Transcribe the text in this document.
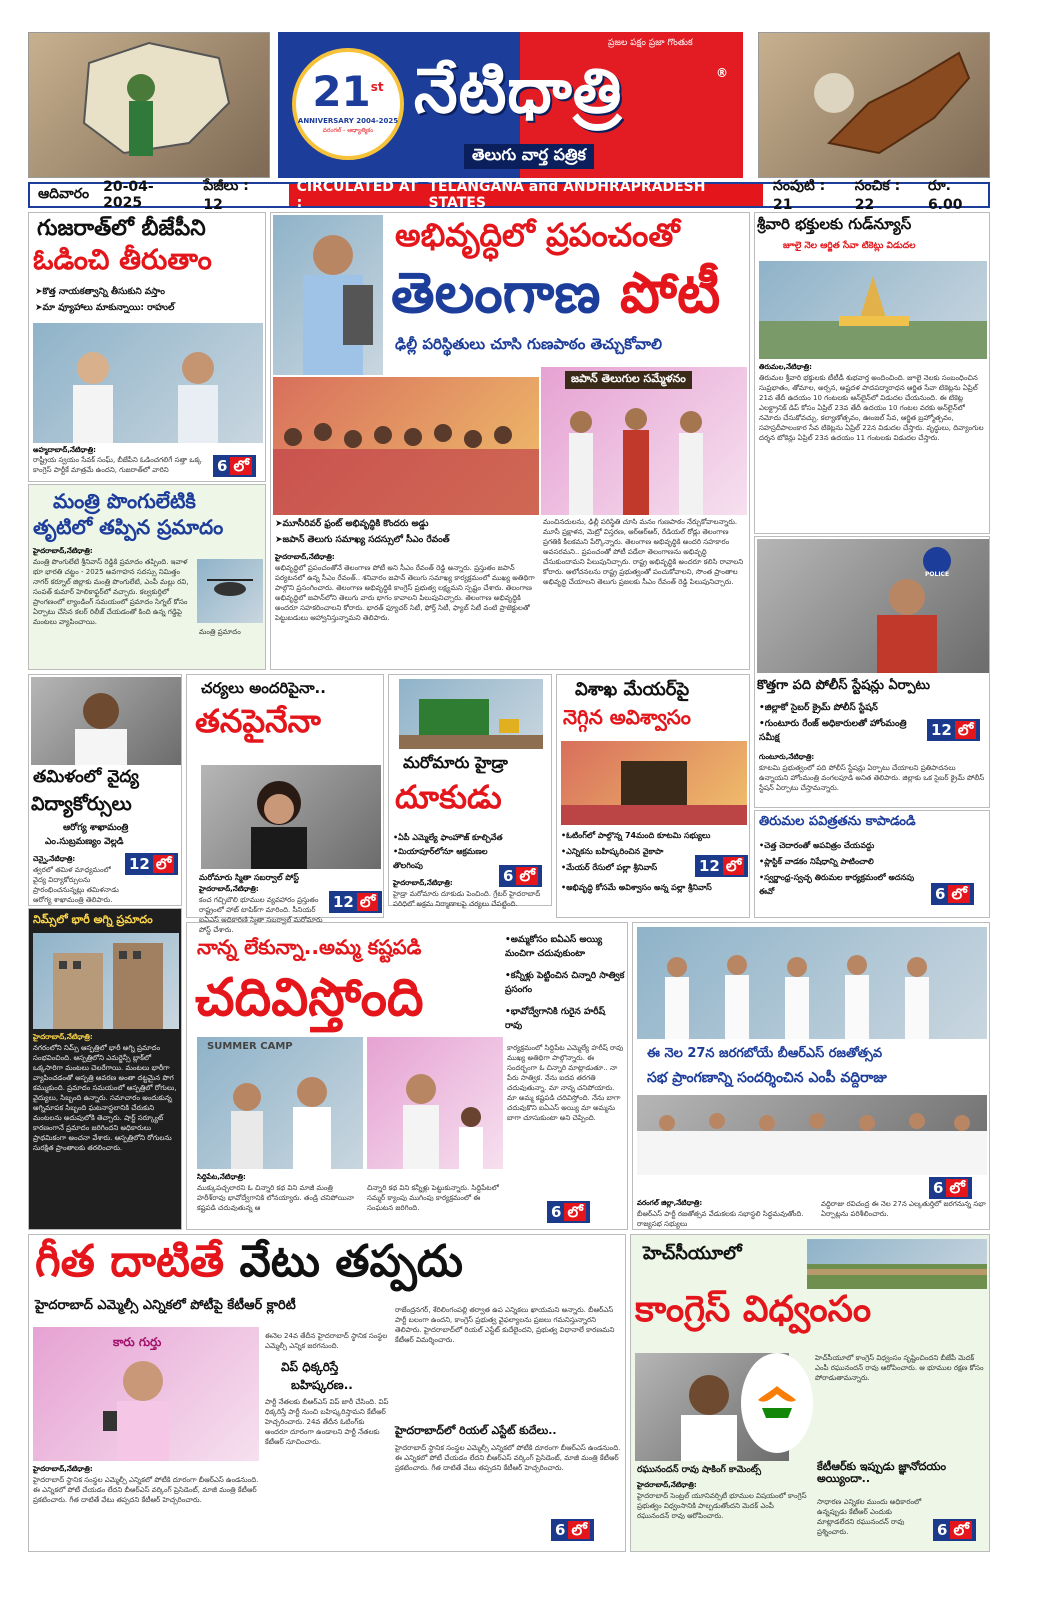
21st
ANNIVERSARY 2004-2025
వరంగల్ - ఆధ్యాత్మికం
ప్రజల పక్షం ప్రజా గొంతుక
నేటిధాత్రి	®
తెలుగు వార్త పత్రిక
ఆదివారం 20-04-2025
పేజీలు : 12
CIRCULATED AT :

TELANGANA and ANDHRAPRADESH STATES
సంపుటి : 21
సంచిక : 22
రూ. 6.00
గుజరాత్‌లో బీజేపీని
ఓడించి తీరుతాం
➤కొత్త నాయకత్వాన్ని తీసుకుని వస్తాం
➤మా వ్యూహాలు మాకున్నాయి: రాహుల్
అహ్మదాబాద్,నేటిధాత్రి:
రాష్ట్రీయ స్వయం సేవక్ సంఘ్, బీజేపీని ఓడించగలిగే సత్తా ఒక్క కాంగ్రెస్ పార్టీకే మాత్రమే ఉందని, గుజరాత్‌లో వారిని	6 లో
మంత్రి పొంగులేటికి
తృటిలో తప్పిన ప్రమాదం
హైదరాబాద్,నేటిధాత్రి:
మంత్రి పొంగులేటి శ్రీనివాస్ రెడ్డికి ప్రమాదం తప్పింది. ఇవాళ భూ భారతి చట్టం - 2025 అవగాహన సదస్సు నిమిత్తం నాగర్ కర్నూల్ జిల్లాకు మంత్రి పొంగులేటి, ఎంపీ మల్లు రవి, సంపత్ కుమార్ హెలికాఫ్టర్‌లో వచ్చారు. కల్వకుర్తిలో ప్రాంగణంలో ల్యాండింగ్ సమయంలో ప్రమాదం సిగ్నల్ కోసం ఏర్పాటు చేసిన కలర్ రిలీజ్ చేయడంతో కింది ఉన్న గడ్డిపై మంటలు వ్యాపించాయి.
మంత్రి ప్రమాదం
అభివృద్ధిలో ప్రపంచంతో
తెలంగాణ పోటీ
ఢిల్లీ పరిస్థితులు చూసి గుణపాఠం తెచ్చుకోవాలి
జపాన్ తెలుగుల సమ్మేళనం
➤మూసీరివర్ ఫ్రంట్ అభివృద్ధికి కొందరు అడ్డు
➤జపాన్ తెలుగు సమాఖ్య సదస్సులో సీఎం రేవంత్
హైదరాబాద్,నేటిధాత్రి:
అభివృద్ధిలో ప్రపంచంతోనే తెలంగాణ పోటీ అని సీఎం రేవంత్ రెడ్డి అన్నారు. ప్రస్తుతం జపాన్ పర్యటనలో ఉన్న సీఎం రేవంత్.. శనివారం జపాన్ తెలుగు సమాఖ్య కార్యక్రమంలో ముఖ్య అతిథిగా పాల్గొని ప్రసంగించారు. తెలంగాణ అభివృద్ధికి కాంగ్రెస్ ప్రభుత్వ లక్ష్యమని స్పష్టం చేశారు. తెలంగాణ అభివృద్ధిలో జపాన్‌లోని తెలుగు వారు భాగం కావాలని పిలుపునిచ్చారు. తెలంగాణ అభివృద్ధికి అందరూ సహకరించాలని కోరారు. భారత్ ఫ్యూచర్ సిటీ, ఫోర్త్ సిటీ, ఫ్యాబ్ సిటీ వంటి ప్రాజెక్టులతో పెట్టుబడులు ఆహ్వానిస్తున్నామని తెలిపారు.
మంచినదులను, ఢిల్లీ పరిస్థితి చూసి మనం గుణపాఠం నేర్చుకోవాలన్నారు. మూసీ ప్రక్షాళన, మెట్రో విస్తరణ, ఆర్ఆర్ఆర్, రేడియల్ రోడ్లు తెలంగాణ ప్రగతికి కీలకమని పేర్కొన్నారు. తెలంగాణ అభివృద్ధికి అందరి సహకారం అవసరమని.. ప్రపంచంతో పోటీ పడేలా తెలంగాణను అభివృద్ధి చేసుకుందామని పిలుపునిచ్చారు. రాష్ట్ర అభివృద్ధికి అందరూ కలిసి రావాలని కోరారు. ఆలోచనలను రాష్ట్ర ప్రభుత్వంతో పంచుకోవాలని, సొంత ప్రాంతాల అభివృద్ధి చేయాలని తెలుగు ప్రజలకు సీఎం రేవంత్ రెడ్డి పిలుపునిచ్చారు.
శ్రీవారి భక్తులకు గుడ్‌న్యూస్
జూలై నెల ఆర్జిత సేవా టికెట్లు విడుదల
తిరుమల,నేటిధాత్రి:
తిరుమల శ్రీవారి భక్తులకు టీటీడీ శుభవార్త అందించింది. జూలై నెలకు సంబంధించిన సుప్రభాతం, తోమాల, అర్చన, అష్టదళ పాదపద్మారాధన ఆర్జిత సేవా టికెట్లను ఏప్రిల్ 21వ తేదీ ఉదయం 10 గంటలకు ఆన్‌లైన్‌లో విడుదల చేయనుంది. ఈ టికెట్ల ఎలక్ట్రానిక్ డిప్ కోసం ఏప్రిల్ 23వ తేదీ ఉదయం 10 గంటల వరకు ఆన్‌లైన్‌లో నమోదు చేసుకోవచ్చు. కల్యాణోత్సవం, ఊంజల్ సేవ, ఆర్జిత బ్రహ్మోత్సవం, సహస్రదీపాలంకార సేవ టికెట్లను ఏప్రిల్ 22న విడుదల చేస్తారు. వృద్ధులు, దివ్యాంగుల దర్శన టోకెన్లు ఏప్రిల్ 23న ఉదయం 11 గంటలకు విడుదల చేస్తారు.
POLICE
కొత్తగా పది పోలీస్ స్టేషన్లు ఏర్పాటు
•జిల్లాకో సైబర్ క్రైమ్ పోలీస్ స్టేషన్
•గుంటూరు రేంజ్ అధికారులతో హోంమంత్రి సమీక్ష	12 లో
గుంటూరు,నేటిధాత్రి:
కూటమి ప్రభుత్వంలో పది పోలీస్ స్టేషన్లు ఏర్పాటు చేయాలని ప్రతిపాదనలు ఉన్నాయని హోంమంత్రి వంగలపూడి అనిత తెలిపారు. జిల్లాకు ఒక సైబర్ క్రైమ్ పోలీస్ స్టేషన్ ఏర్పాటు చేస్తామన్నారు.
తమిళంలో వైద్య
విద్యాకోర్సులు
ఆరోగ్య శాఖామంత్రి
ఎం.సుబ్రమణ్యం వెల్లడి
12 లో
చెన్నై,నేటిధాత్రి:
త్వరలో తమిళ మాధ్యమంలో వైద్య విద్యాకోర్సులను ప్రారంభించనున్నట్లు తమిళనాడు ఆరోగ్య శాఖామంత్రి తెలిపారు.
చర్యలు అందరిపైనా..
తనపైనేనా
మరోమారు స్మితా సబర్వాల్ పోస్ట్
హైదరాబాద్,నేటిధాత్రి:
కంచ గచ్చిబౌలి భూముల వ్యవహారం ప్రస్తుతం రాష్ట్రంలో హాట్ టాపిక్‌గా మారింది. సీనియర్ ఐఏఎస్ అధికారిణి స్మితా సబర్వాల్ మరోమారు పోస్ట్ చేశారు.
12 లో
మరోమారు హైడ్రా
దూకుడు
•ఏపీ ఎమ్మెల్యే ఫాంహౌజ్ కూల్చివేత
•మియాపూర్‌లోనూ ఆక్రమణల తొలగింపు
6 లో
హైదరాబాద్,నేటిధాత్రి:
హైడ్రా మరోమారు దూకుడు పెంచింది. గ్రేటర్ హైదరాబాద్ పరిధిలో అక్రమ నిర్మాణాలపై చర్యలు చేపట్టింది.
విశాఖ మేయర్‌పై
నెగ్గిన అవిశ్వాసం
•ఓటింగ్‌లో పాల్గొన్న 74మంది కూటమి సభ్యులు
•ఎన్నికను బహిష్కరించిన వైకాపా
•మేయర్ రేసులో పల్లా శ్రీనివాస్	12 లో
•అభివృద్ధి కోసమే అవిశ్వాసం అన్న పల్లా శ్రీనివాస్
తిరుమల పవిత్రతను కాపాడండి
•చెత్త చెదారంతో అపవిత్రం చేయవద్దు
•ప్లాస్టిక్ వాడకం నిషేధాన్ని పాటించాలి
•స్వర్ణాంధ్ర-స్వచ్ఛ తిరుమల కార్యక్రమంలో అదనపు ఈవో	6 లో
నిమ్స్‌లో భారీ అగ్ని ప్రమాదం
హైదరాబాద్,నేటిధాత్రి:
నగరంలోని నిమ్స్ ఆస్పత్రిలో భారీ అగ్ని ప్రమాదం సంభవించింది. ఆస్పత్రిలోని ఎమర్జెన్సీ బ్లాక్‌లో ఒక్కసారిగా మంటలు చెలరేగాయి. మంటలు భారీగా వ్యాపించడంతో ఆస్పత్రి ఆవరణ అంతా దట్టమైన పొగ కమ్ముకుంది. ప్రమాదం సమయంలో ఆస్పత్రిలో రోగులు, వైద్యులు, సిబ్బంది ఉన్నారు. సమాచారం అందుకున్న అగ్నిమాపక సిబ్బంది ఘటనాస్థలానికి చేరుకుని మంటలను అదుపులోకి తెచ్చారు. షార్ట్ సర్క్యూట్ కారణంగానే ప్రమాదం జరిగిందని అధికారులు ప్రాథమికంగా అంచనా వేశారు. ఆస్పత్రిలోని రోగులను సురక్షిత ప్రాంతాలకు తరలించారు.
నాన్న లేకున్నా..అమ్మ కష్టపడి
చదివిస్తోంది
•అమ్మకోసం ఐఏఎస్‌ అయ్యి మంచిగా చదువుకుంటా
•కన్నీళ్లు పెట్టించిన చిన్నారి సాత్విక ప్రసంగం
•భావోద్వేగానికి గురైన హరీష్ రావు
SUMMER CAMP	కార్యక్రమంలో సిద్దిపేట ఎమ్మెల్యే హరీష్ రావు ముఖ్య అతిథిగా పాల్గొన్నారు. ఈ సందర్భంగా ఓ చిన్నారి మాట్లాడుతూ.. నా పేరు సాత్విక. నేను ఐదవ తరగతి చదువుతున్నా. మా నాన్న చనిపోయారు. మా అమ్మ కష్టపడి చదివిస్తోంది. నేను బాగా చదువుకొని ఐఏఎస్ అయ్యి మా అమ్మను బాగా చూసుకుంటా అని చెప్పింది.
సిద్దిపేట,నేటిధాత్రి:
ముక్కుపచ్చలారని ఓ చిన్నారి కథ విని మాజీ మంత్రి హరీశ్‌రావు భావోద్వేగానికి లోనయ్యారు. తండ్రి చనిపోయినా కష్టపడి చదువుతున్న ఆ
చిన్నారి కథ విని కన్నీళ్లు పెట్టుకున్నారు. సిద్దిపేటలో సమ్మర్ క్యాంపు ముగింపు కార్యక్రమంలో ఈ సంఘటన జరిగింది.	6 లో
ఈ నెల 27న జరగబోయే బీఆర్ఎస్ రజతోత్సవ
సభ ప్రాంగణాన్ని సందర్శించిన ఎంపీ వద్దిరాజు
6 లో
వరంగల్ జిల్లా,నేటిధాత్రి:
బీఆర్ఎస్ పార్టీ రజతోత్సవ వేడుకలకు సభాస్థలి సిద్ధమవుతోంది. రాజ్యసభ సభ్యులు
వద్దిరాజు రవిచంద్ర ఈ నెల 27న ఎల్కతుర్తిలో జరగనున్న సభా ఏర్పాట్లను పరిశీలించారు.
గీత దాటితే వేటు తప్పదు
హైదరాబాద్ ఎమ్మెల్సీ ఎన్నికలో పోటీపై కేటీఆర్ క్లారిటీ
కారు గుర్తు
హైదరాబాద్,నేటిధాత్రి:
హైదరాబాద్ స్థానిక సంస్థల ఎమ్మెల్సీ ఎన్నికలో పోటీకి దూరంగా బీఆర్ఎస్ ఉండనుంది. ఈ ఎన్నికలో పోటీ చేయడం లేదని బీఆర్ఎస్ వర్కింగ్ ప్రెసిడెంట్, మాజీ మంత్రి కేటీఆర్ ప్రకటించారు. గీత దాటితే వేటు తప్పదని కేటీఆర్ హెచ్చరించారు.
ఈనెల 24వ తేదీన హైదరాబాద్ స్థానిక సంస్థల ఎమ్మెల్సీ ఎన్నిక జరగనుంది.
విప్ ధిక్కరిస్తే
బహిష్కరణ..
పార్టీ నేతలకు బీఆర్ఎస్ విప్ జారీ చేసింది. విప్ ధిక్కరిస్తే పార్టీ నుంచి బహిష్కరిస్తామని కేటీఆర్ హెచ్చరించారు. 24వ తేదీన ఓటింగ్‌కు అందరూ దూరంగా ఉండాలని పార్టీ నేతలకు కేటీఆర్ సూచించారు.
రాజేంద్రనగర్, శేరిలింగంపల్లి తర్వాత ఉప ఎన్నికలు ఖాయమని అన్నారు. బీఆర్ఎస్ పార్టీ బలంగా ఉందని, కాంగ్రెస్ ప్రభుత్వ వైఫల్యాలను ప్రజలు గమనిస్తున్నారని తెలిపారు. హైదరాబాద్‌లో రియల్ ఎస్టేట్ కుదేలైందని, ప్రభుత్వ విధానాలే కారణమని కేటీఆర్ విమర్శించారు.
హైదరాబాద్‌లో రియల్ ఎస్టేట్ కుదేలు..
హైదరాబాద్ స్థానిక సంస్థల ఎమ్మెల్సీ ఎన్నికలో పోటీకి దూరంగా బీఆర్ఎస్ ఉండనుంది. ఈ ఎన్నికలో పోటీ చేయడం లేదని బీఆర్ఎస్ వర్కింగ్ ప్రెసిడెంట్, మాజీ మంత్రి కేటీఆర్ ప్రకటించారు. గీత దాటితే వేటు తప్పదని కేటీఆర్ హెచ్చరించారు.
6 లో
హెచ్‌సీయూలో
కాంగ్రెస్ విధ్వంసం
హెచ్‌సీయూలో కాంగ్రెస్ విధ్వంసం సృష్టించిందని బీజేపీ మెదక్ ఎంపీ రఘునందన్ రావు ఆరోపించారు. ఆ భూముల రక్షణ కోసం పోరాడుతామన్నారు.
రఘునందన్ రావు షాకింగ్ కామెంట్స్	కేటీఆర్‌కు ఇప్పుడు జ్ఞానోదయం అయ్యిందా..
హైదరాబాద్,నేటిధాత్రి:
హైదరాబాద్ సెంట్రల్ యూనివర్సిటీ భూముల విషయంలో కాంగ్రెస్ ప్రభుత్వం విధ్వంసానికి పాల్పడుతోందని మెదక్ ఎంపీ రఘునందన్ రావు ఆరోపించారు.
సాధారణ ఎన్నికల ముందు అధికారంలో ఉన్నప్పుడు కేటీఆర్ ఎందుకు మాట్లాడలేదని రఘునందన్ రావు ప్రశ్నించారు.	6 లో
